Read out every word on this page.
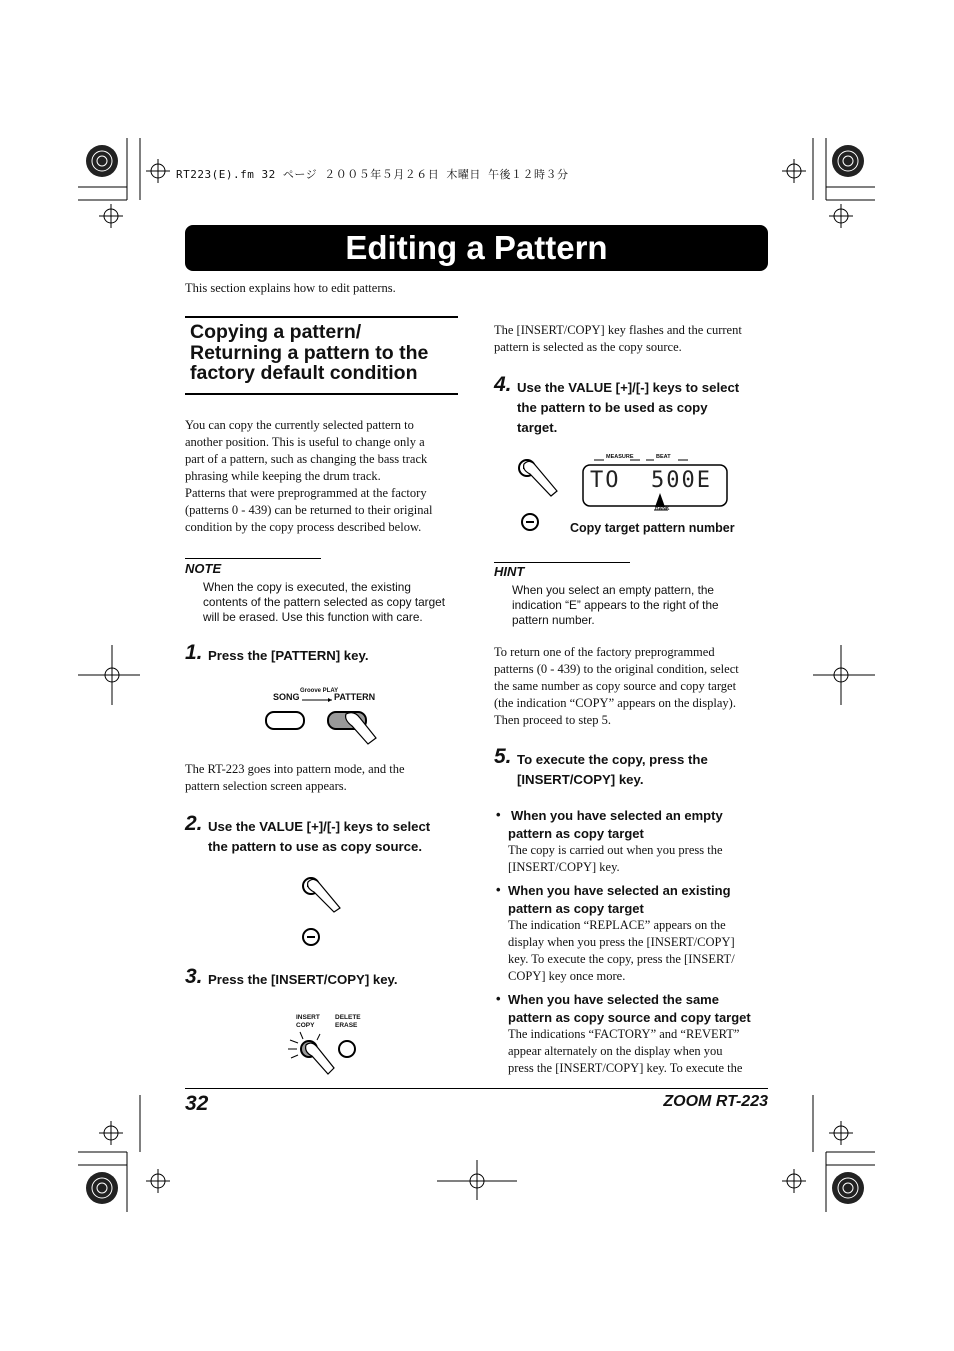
RT223(E).fm 32 ページ ２００５年５月２６日 木曜日 午後１２時３分
Editing a Pattern
This section explains how to edit patterns.
Copying a pattern/
Returning a pattern to the
factory default condition
You can copy the currently selected pattern to
another position. This is useful to change only a
part of a pattern, such as changing the bass track
phrasing while keeping the drum track.
Patterns that were preprogrammed at the factory
(patterns 0 - 439) can be returned to their original
condition by the copy process described below.
NOTE
When the copy is executed, the existing
contents of the pattern selected as copy target
will be erased. Use this function with care.
1. Press the [PATTERN] key.
SONG
Groove PLAY
PATTERN
The RT-223 goes into pattern mode, and the
pattern selection screen appears.
2. Use the VALUE [+]/[-] keys to select
the pattern to use as copy source.
3. Press the [INSERT/COPY] key.
INSERT
COPY
DELETE
ERASE
The [INSERT/COPY] key flashes and the current
pattern is selected as the copy source.
4. Use the VALUE [+]/[-] keys to select
the pattern to be used as copy
target.
MEASURE	BEAT
TO  500E
BANK
Copy target pattern number
HINT
When you select an empty pattern, the
indication “E” appears to the right of the
pattern number.
To return one of the factory preprogrammed
patterns (0 - 439) to the original condition, select
the same number as copy source and copy target
(the indication “COPY” appears on the display).
Then proceed to step 5.
5. To execute the copy, press the
[INSERT/COPY] key.
• When you have selected an empty
pattern as copy target
The copy is carried out when you press the
[INSERT/COPY] key.
• When you have selected an existing
pattern as copy target
The indication “REPLACE” appears on the
display when you press the [INSERT/COPY]
key. To execute the copy, press the [INSERT/
COPY] key once more.
• When you have selected the same
pattern as copy source and copy target
The indications “FACTORY” and “REVERT”
appear alternately on the display when you
press the [INSERT/COPY] key. To execute the
32	ZOOM RT-223
